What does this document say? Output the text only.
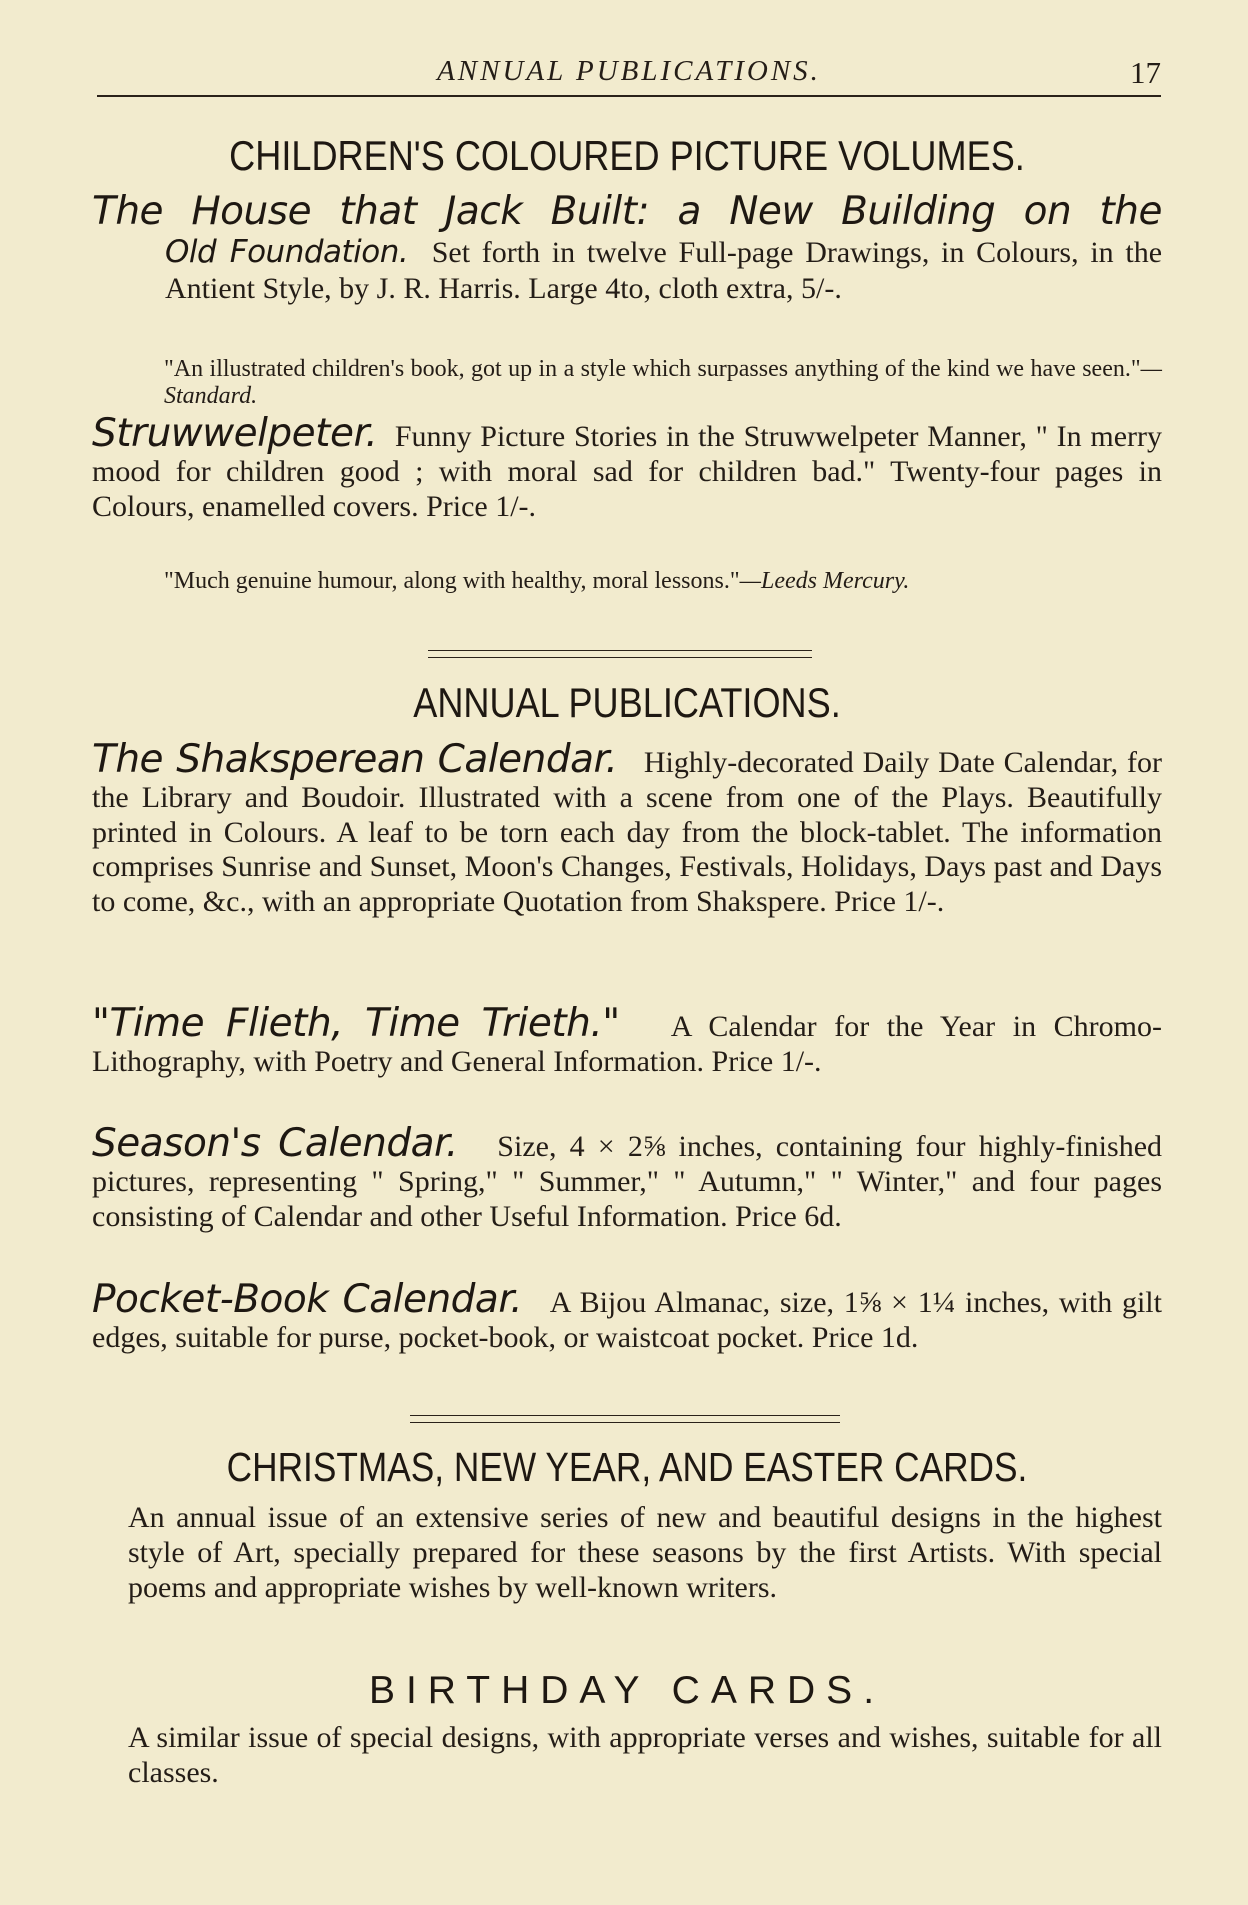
ANNUAL PUBLICATIONS.	17
CHILDREN'S COLOURED PICTURE VOLUMES.
The House that Jack Built: a New Building on the
Old Foundation. Set forth in twelve Full-page Drawings, in Colours, in the Antient Style, by J. R. Harris. Large 4to, cloth extra, 5/-.
"An illustrated children's book, got up in a style which surpasses anything of the kind we have seen."—Standard.
Struwwelpeter. Funny Picture Stories in the Struwwelpeter Manner, " In merry mood for children good ; with moral sad for children bad." Twenty-four pages in Colours, enamelled covers. Price 1/-.
"Much genuine humour, along with healthy, moral lessons."—Leeds Mercury.
ANNUAL PUBLICATIONS.
The Shaksperean Calendar. Highly-decorated Daily Date Calendar, for the Library and Boudoir. Illustrated with a scene from one of the Plays. Beautifully printed in Colours. A leaf to be torn each day from the block-tablet. The information comprises Sunrise and Sunset, Moon's Changes, Festivals, Holidays, Days past and Days to come, &c., with an appropriate Quotation from Shakspere. Price 1/-.
"Time Flieth, Time Trieth." A Calendar for the Year in Chromo-Lithography, with Poetry and General Information. Price 1/-.
Season's Calendar. Size, 4 × 2⅝ inches, containing four highly-finished pictures, representing " Spring," " Summer," " Autumn," " Winter," and four pages consisting of Calendar and other Useful Information. Price 6d.
Pocket-Book Calendar. A Bijou Almanac, size, 1⅝ × 1¼ inches, with gilt edges, suitable for purse, pocket-book, or waistcoat pocket. Price 1d.
CHRISTMAS, NEW YEAR, AND EASTER CARDS.
An annual issue of an extensive series of new and beautiful designs in the highest style of Art, specially prepared for these seasons by the first Artists. With special poems and appropriate wishes by well-known writers.
BIRTHDAY CARDS.
A similar issue of special designs, with appropriate verses and wishes, suitable for all classes.
